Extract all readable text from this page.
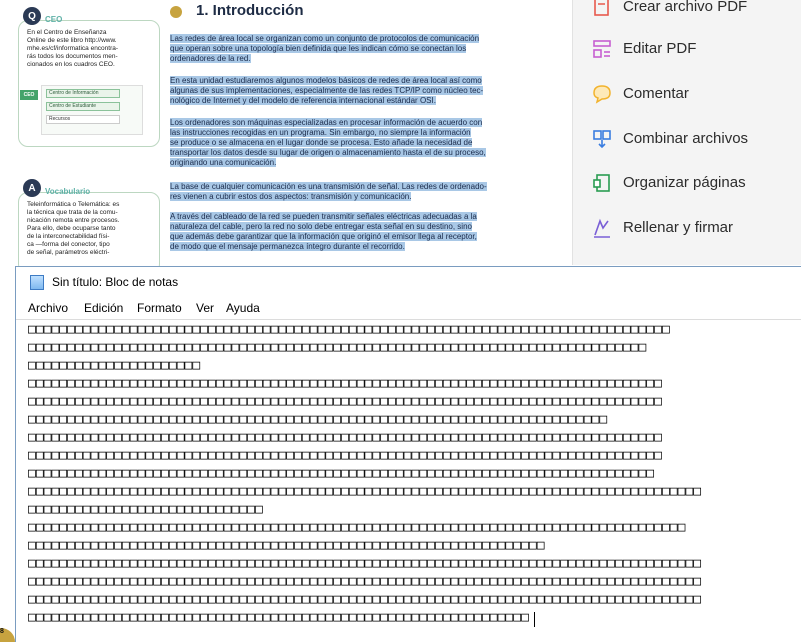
Q	CEO
En el Centro de Enseñanza
Online de este libro http://www.
mhe.es/cf/informatica encontra-
rás todos los documentos men-
cionados en los cuadros CEO.
CEO	Centro de Información
Centro de Estudiante
Recursos
A	Vocabulario
Teleinformática o Telemática: es
la técnica que trata de la comu-
nicación remota entre procesos.
Para ello, debe ocuparse tanto
de la interconectabilidad físi-
ca —forma del conector, tipo
de señal, parámetros eléctri-
1. Introducción
Las redes de área local se organizan como un conjunto de protocolos de comunicación
que operan sobre una topología bien definida que les indican cómo se conectan los
ordenadores de la red.
En esta unidad estudiaremos algunos modelos básicos de redes de área local así como
algunas de sus implementaciones, especialmente de las redes TCP/IP como núcleo tec-
nológico de Internet y del modelo de referencia internacional estándar OSI.
Los ordenadores son máquinas especializadas en procesar información de acuerdo con
las instrucciones recogidas en un programa. Sin embargo, no siempre la información
se produce o se almacena en el lugar donde se procesa. Esto añade la necesidad de
transportar los datos desde su lugar de origen o almacenamiento hasta el de su proceso,
originando una comunicación.
La base de cualquier comunicación es una transmisión de señal. Las redes de ordenado-
res vienen a cubrir estos dos aspectos: transmisión y comunicación.
A través del cableado de la red se pueden transmitir señales eléctricas adecuadas a la
naturaleza del cable, pero la red no solo debe entregar esta señal en su destino, sino
que además debe garantizar que la información que originó el emisor llega al receptor,
de modo que el mensaje permanezca íntegro durante el recorrido.
Crear archivo PDF
Editar PDF
Comentar
Combinar archivos
Organizar páginas
Rellenar y firmar
Sin título: Bloc de notas
Archivo Edición Formato Ver Ayuda
□□□□□□□□□□□□□□□□□□□□□□□□□□□□□□□□□□□□□□□□□□□□□□□□□□□□□□□□□□□□□□□□□□□□□□□□□□□□□□□□□□
□□□□□□□□□□□□□□□□□□□□□□□□□□□□□□□□□□□□□□□□□□□□□□□□□□□□□□□□□□□□□□□□□□□□□□□□□□□□□□□
□□□□□□□□□□□□□□□□□□□□□□
□□□□□□□□□□□□□□□□□□□□□□□□□□□□□□□□□□□□□□□□□□□□□□□□□□□□□□□□□□□□□□□□□□□□□□□□□□□□□□□□□
□□□□□□□□□□□□□□□□□□□□□□□□□□□□□□□□□□□□□□□□□□□□□□□□□□□□□□□□□□□□□□□□□□□□□□□□□□□□□□□□□
□□□□□□□□□□□□□□□□□□□□□□□□□□□□□□□□□□□□□□□□□□□□□□□□□□□□□□□□□□□□□□□□□□□□□□□□□□
□□□□□□□□□□□□□□□□□□□□□□□□□□□□□□□□□□□□□□□□□□□□□□□□□□□□□□□□□□□□□□□□□□□□□□□□□□□□□□□□□
□□□□□□□□□□□□□□□□□□□□□□□□□□□□□□□□□□□□□□□□□□□□□□□□□□□□□□□□□□□□□□□□□□□□□□□□□□□□□□□□□
□□□□□□□□□□□□□□□□□□□□□□□□□□□□□□□□□□□□□□□□□□□□□□□□□□□□□□□□□□□□□□□□□□□□□□□□□□□□□□□□
□□□□□□□□□□□□□□□□□□□□□□□□□□□□□□□□□□□□□□□□□□□□□□□□□□□□□□□□□□□□□□□□□□□□□□□□□□□□□□□□□□□□□□
□□□□□□□□□□□□□□□□□□□□□□□□□□□□□□
□□□□□□□□□□□□□□□□□□□□□□□□□□□□□□□□□□□□□□□□□□□□□□□□□□□□□□□□□□□□□□□□□□□□□□□□□□□□□□□□□□□□
□□□□□□□□□□□□□□□□□□□□□□□□□□□□□□□□□□□□□□□□□□□□□□□□□□□□□□□□□□□□□□□□□□
□□□□□□□□□□□□□□□□□□□□□□□□□□□□□□□□□□□□□□□□□□□□□□□□□□□□□□□□□□□□□□□□□□□□□□□□□□□□□□□□□□□□□□
□□□□□□□□□□□□□□□□□□□□□□□□□□□□□□□□□□□□□□□□□□□□□□□□□□□□□□□□□□□□□□□□□□□□□□□□□□□□□□□□□□□□□□
□□□□□□□□□□□□□□□□□□□□□□□□□□□□□□□□□□□□□□□□□□□□□□□□□□□□□□□□□□□□□□□□□□□□□□□□□□□□□□□□□□□□□□
□□□□□□□□□□□□□□□□□□□□□□□□□□□□□□□□□□□□□□□□□□□□□□□□□□□□□□□□□□□□□□□□
8
